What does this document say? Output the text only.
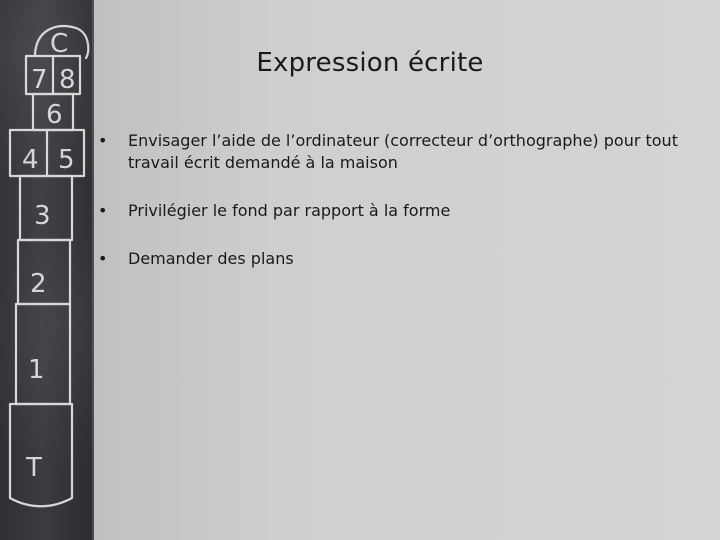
C
7 8
6
4 5
3
2
1
T
Expression écrite
•	Envisager l’aide de l’ordinateur (correcteur d’orthographe) pour tout travail écrit demandé à la maison
•	Privilégier le fond par rapport à la forme
•	Demander des plans
